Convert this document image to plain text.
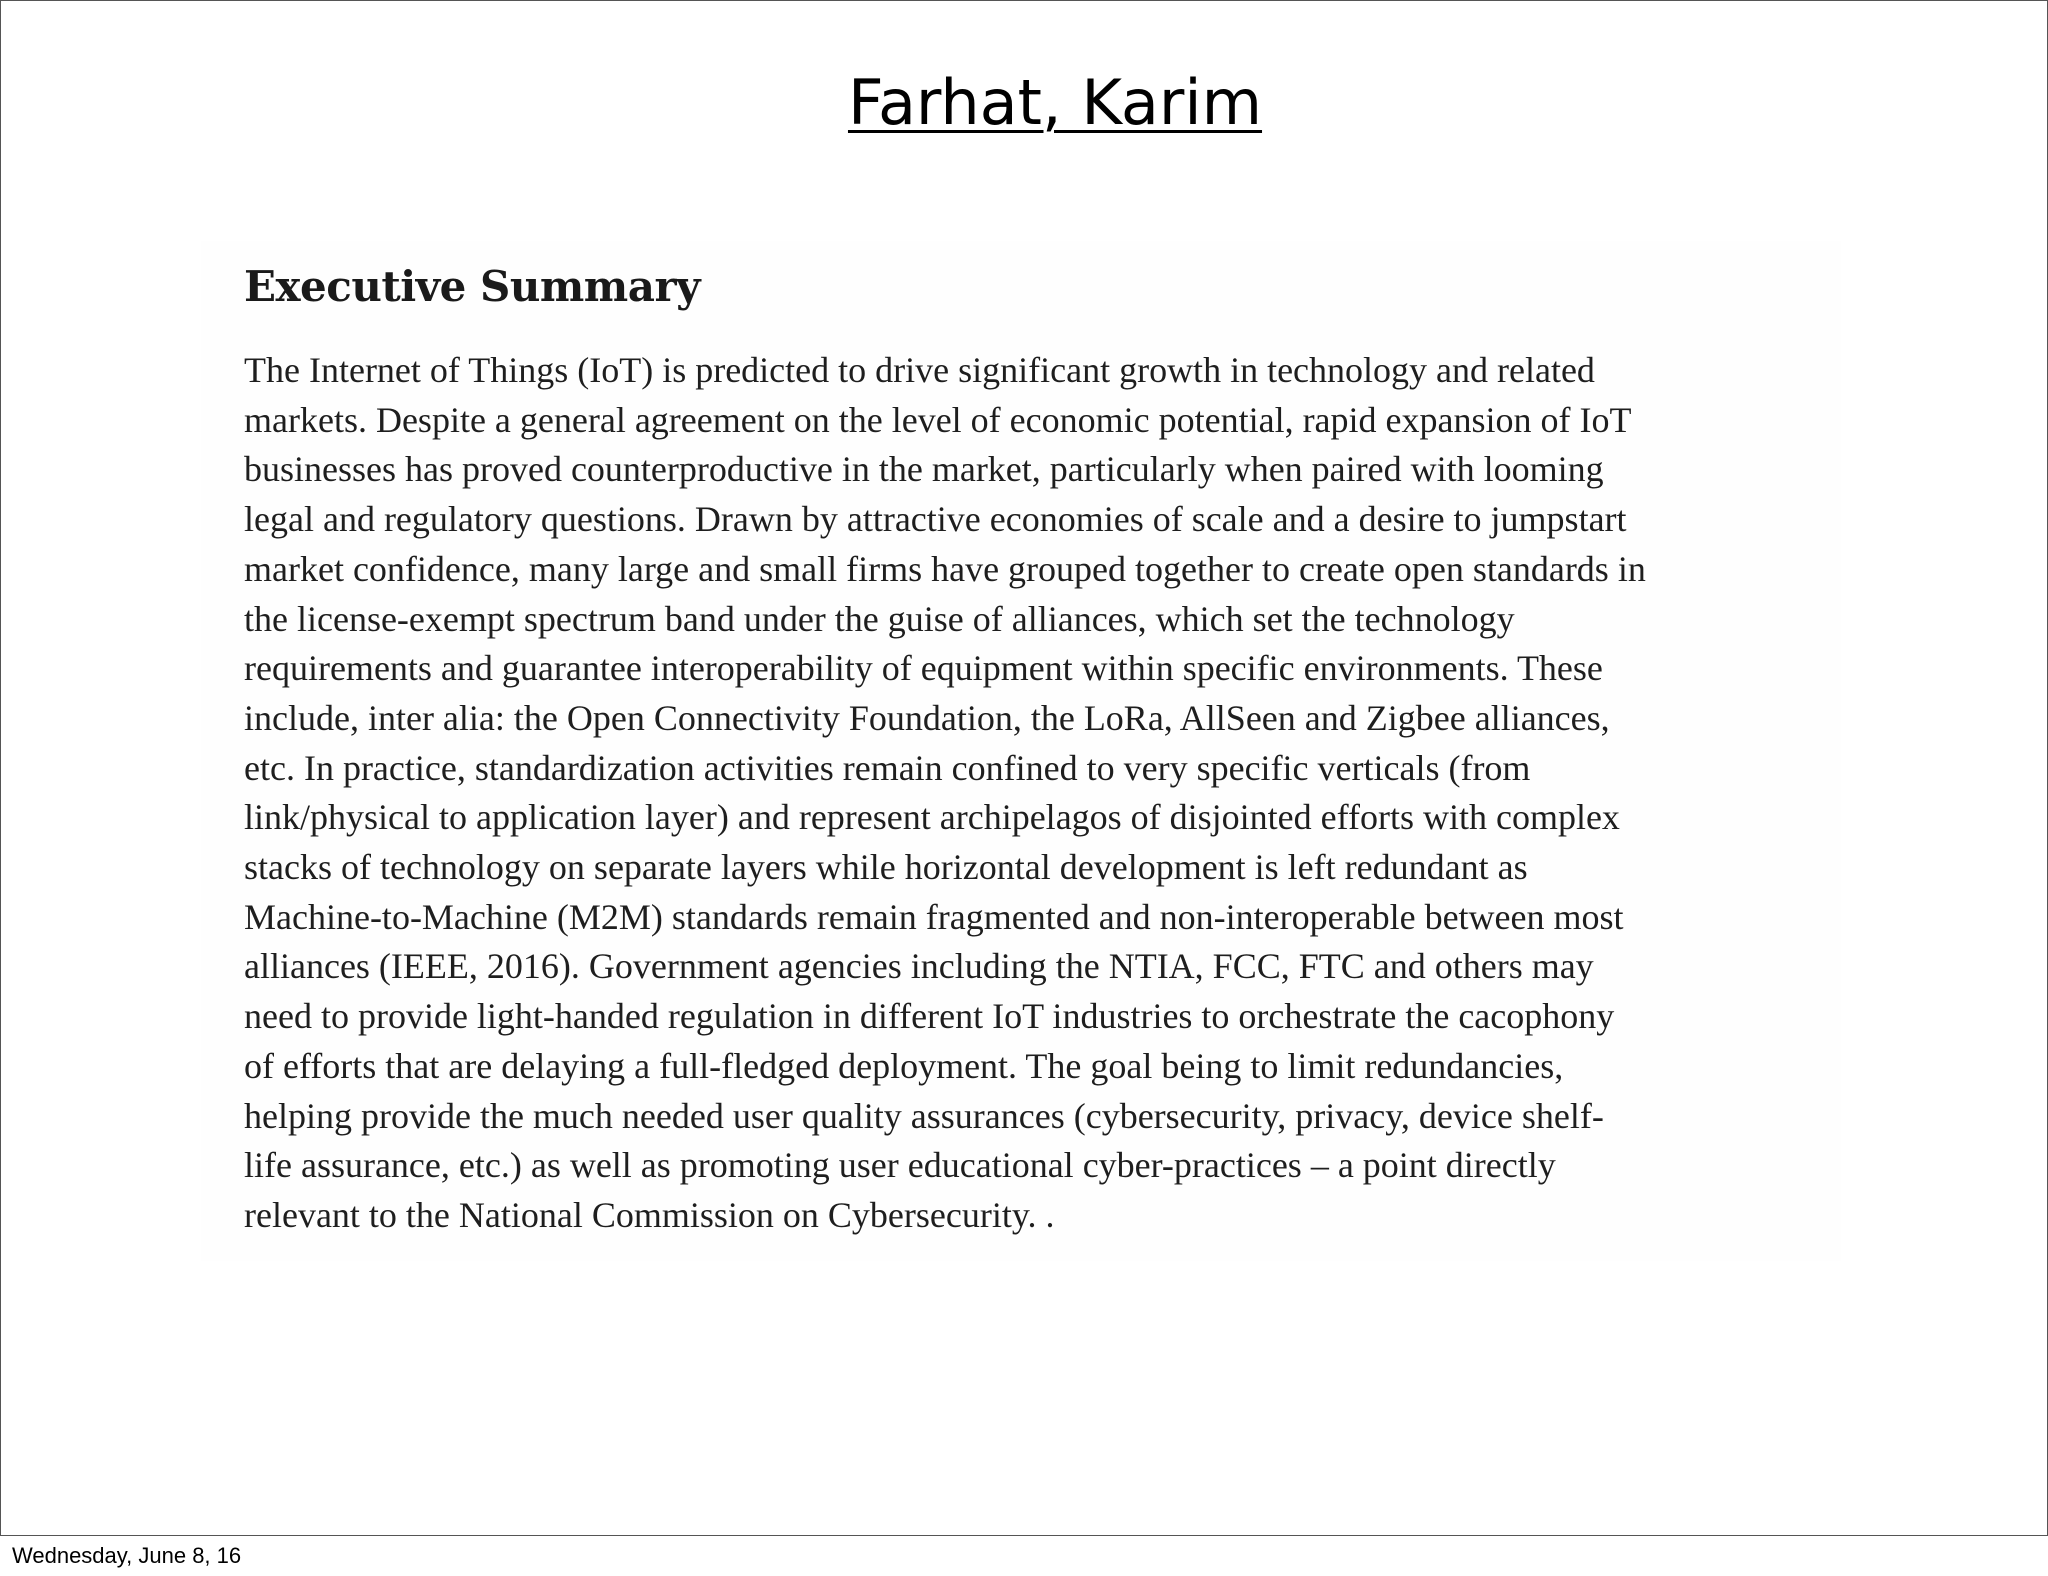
Farhat, Karim
Executive Summary
The Internet of Things (IoT) is predicted to drive significant growth in technology and related
markets. Despite a general agreement on the level of economic potential, rapid expansion of IoT
businesses has proved counterproductive in the market, particularly when paired with looming
legal and regulatory questions. Drawn by attractive economies of scale and a desire to jumpstart
market confidence, many large and small firms have grouped together to create open standards in
the license-exempt spectrum band under the guise of alliances, which set the technology
requirements and guarantee interoperability of equipment within specific environments. These
include, inter alia: the Open Connectivity Foundation, the LoRa, AllSeen and Zigbee alliances,
etc. In practice, standardization activities remain confined to very specific verticals (from
link/physical to application layer) and represent archipelagos of disjointed efforts with complex
stacks of technology on separate layers while horizontal development is left redundant as
Machine-to-Machine (M2M) standards remain fragmented and non-interoperable between most
alliances (IEEE, 2016). Government agencies including the NTIA, FCC, FTC and others may
need to provide light-handed regulation in different IoT industries to orchestrate the cacophony
of efforts that are delaying a full-fledged deployment. The goal being to limit redundancies,
helping provide the much needed user quality assurances (cybersecurity, privacy, device shelf-
life assurance, etc.) as well as promoting user educational cyber-practices – a point directly
relevant to the National Commission on Cybersecurity. .
Wednesday, June 8, 16
